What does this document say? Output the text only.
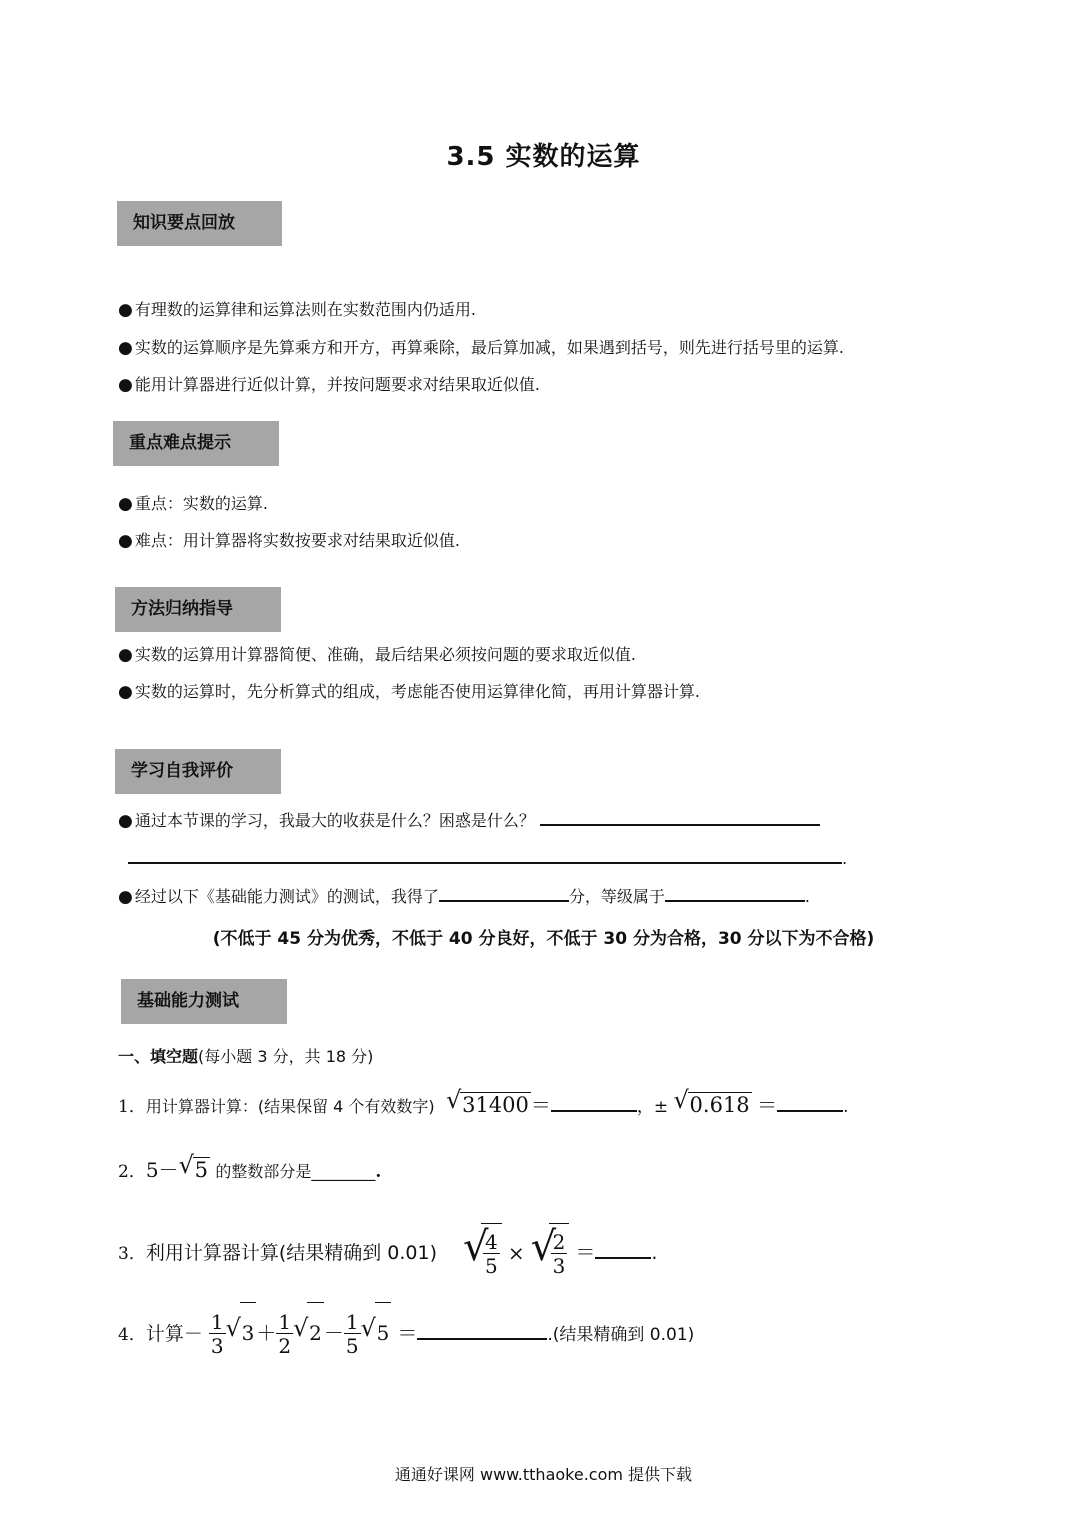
3.5 实数的运算
知识要点回放
● 有理数的运算律和运算法则在实数范围内仍适用.
● 实数的运算顺序是先算乘方和开方，再算乘除，最后算加减，如果遇到括号，则先进行括号里的运算.
● 能用计算器进行近似计算，并按问题要求对结果取近似值.
重点难点提示
● 重点：实数的运算.
● 难点：用计算器将实数按要求对结果取近似值.
方法归纳指导
● 实数的运算用计算器简便、准确，最后结果必须按问题的要求取近似值.
● 实数的运算时，先分析算式的组成，考虑能否使用运算律化简，再用计算器计算.
学习自我评价
● 通过本节课的学习，我最大的收获是什么？困惑是什么？
.
● 经过以下《基础能力测试》的测试，我得了	分，等级属于	.
(不低于 45 分为优秀，不低于 40 分良好，不低于 30 分为合格，30 分以下为不合格)
基础能力测试
一、填空题(每小题 3 分，共 18 分)
1．用计算器计算：(结果保留 4 个有效数字) √ 31400 ＝	，± √ 0.618 ＝	.
2．5－ √ 5 的整数部分是________.
3．利用计算器计算(结果精确到 0.01) √
$\frac{4}{5}$ × √
$\frac{2}{3}$ ＝	.
4．计算－ $\frac{1}{3}$ √ $3 + \frac{1}{2}$ √ $2 - \frac{1}{5}$ √ 5 ＝	.(结果精确到 0.01)
通通好课网 www.tthaoke.com 提供下载
